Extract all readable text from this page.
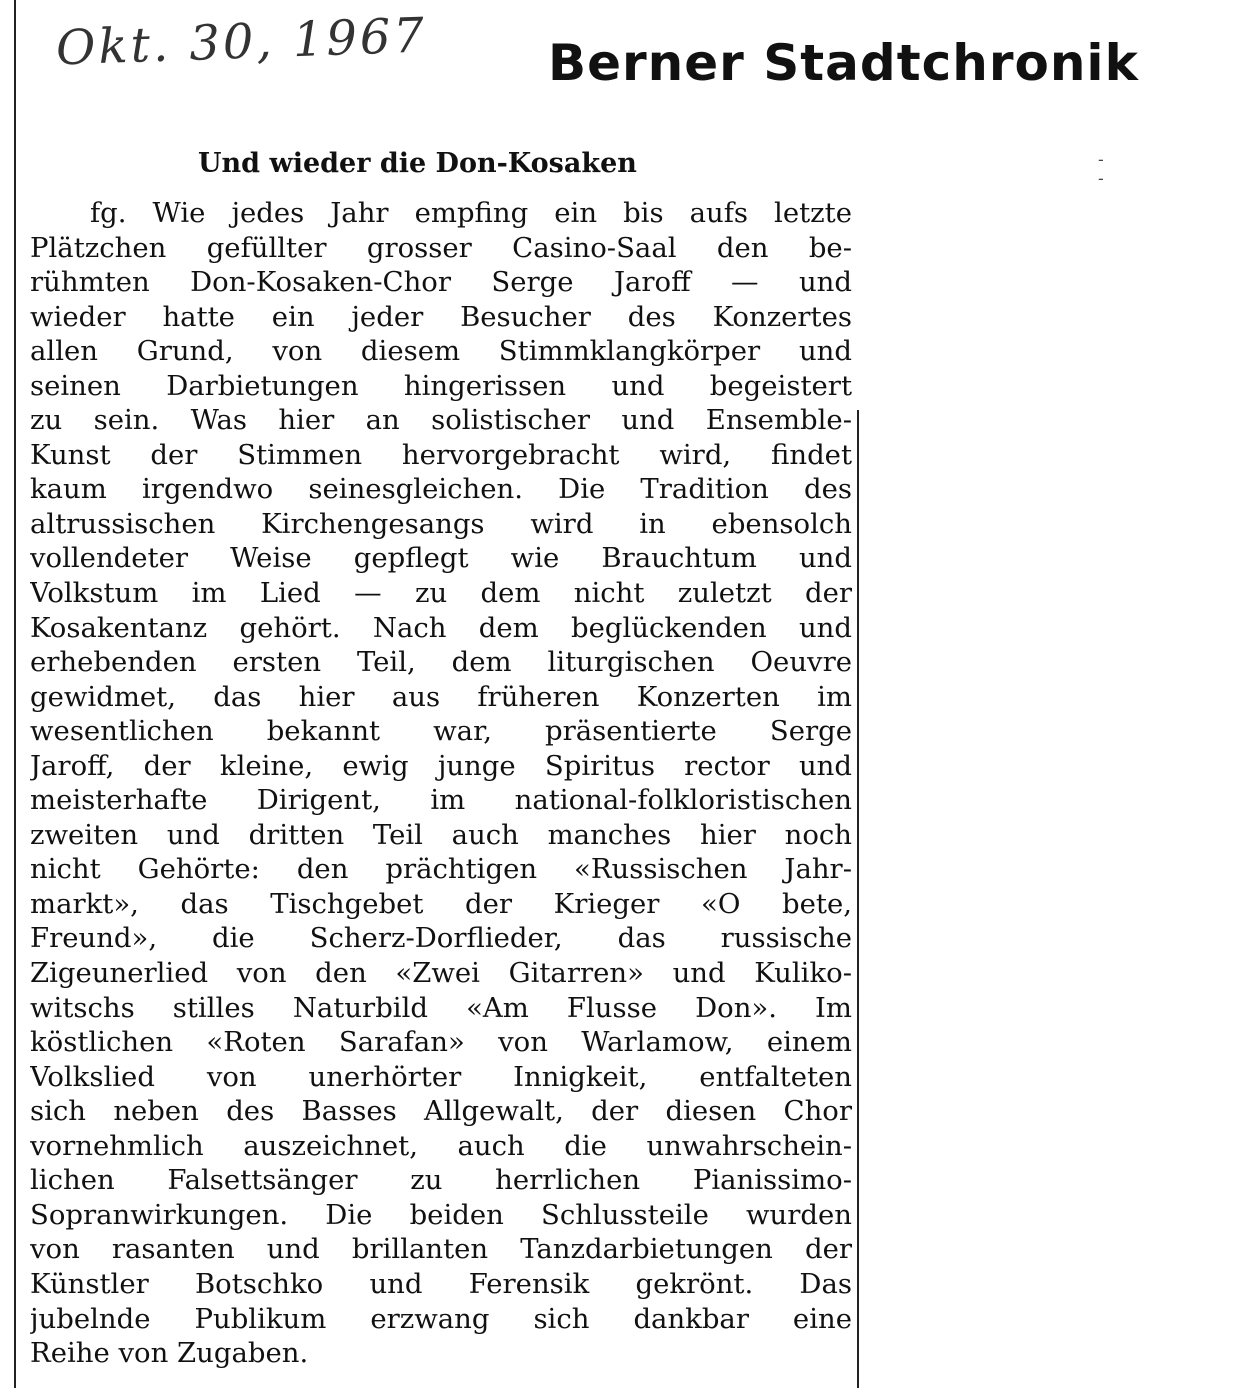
Okt. 30, 1967 Berner Stadtchronik
- -
Und wieder die Don-Kosaken
fg. Wie jedes Jahr empfing ein bis aufs letzte
Plätzchen gefüllter grosser Casino-Saal den be-
rühmten Don-Kosaken-Chor Serge Jaroff — und
wieder hatte ein jeder Besucher des Konzertes
allen Grund, von diesem Stimmklangkörper und
seinen Darbietungen hingerissen und begeistert
zu sein. Was hier an solistischer und Ensemble-
Kunst der Stimmen hervorgebracht wird, findet
kaum irgendwo seinesgleichen. Die Tradition des
altrussischen Kirchengesangs wird in ebensolch
vollendeter Weise gepflegt wie Brauchtum und
Volkstum im Lied — zu dem nicht zuletzt der
Kosakentanz gehört. Nach dem beglückenden und
erhebenden ersten Teil, dem liturgischen Oeuvre
gewidmet, das hier aus früheren Konzerten im
wesentlichen bekannt war, präsentierte Serge
Jaroff, der kleine, ewig junge Spiritus rector und
meisterhafte Dirigent, im national-folkloristischen
zweiten und dritten Teil auch manches hier noch
nicht Gehörte: den prächtigen «Russischen Jahr-
markt», das Tischgebet der Krieger «O bete,
Freund», die Scherz-Dorflieder, das russische
Zigeunerlied von den «Zwei Gitarren» und Kuliko-
witschs stilles Naturbild «Am Flusse Don». Im
köstlichen «Roten Sarafan» von Warlamow, einem
Volkslied von unerhörter Innigkeit, entfalteten
sich neben des Basses Allgewalt, der diesen Chor
vornehmlich auszeichnet, auch die unwahrschein-
lichen Falsettsänger zu herrlichen Pianissimo-
Sopranwirkungen. Die beiden Schlussteile wurden
von rasanten und brillanten Tanzdarbietungen der
Künstler Botschko und Ferensik gekrönt. Das
jubelnde Publikum erzwang sich dankbar eine
Reihe von Zugaben.
